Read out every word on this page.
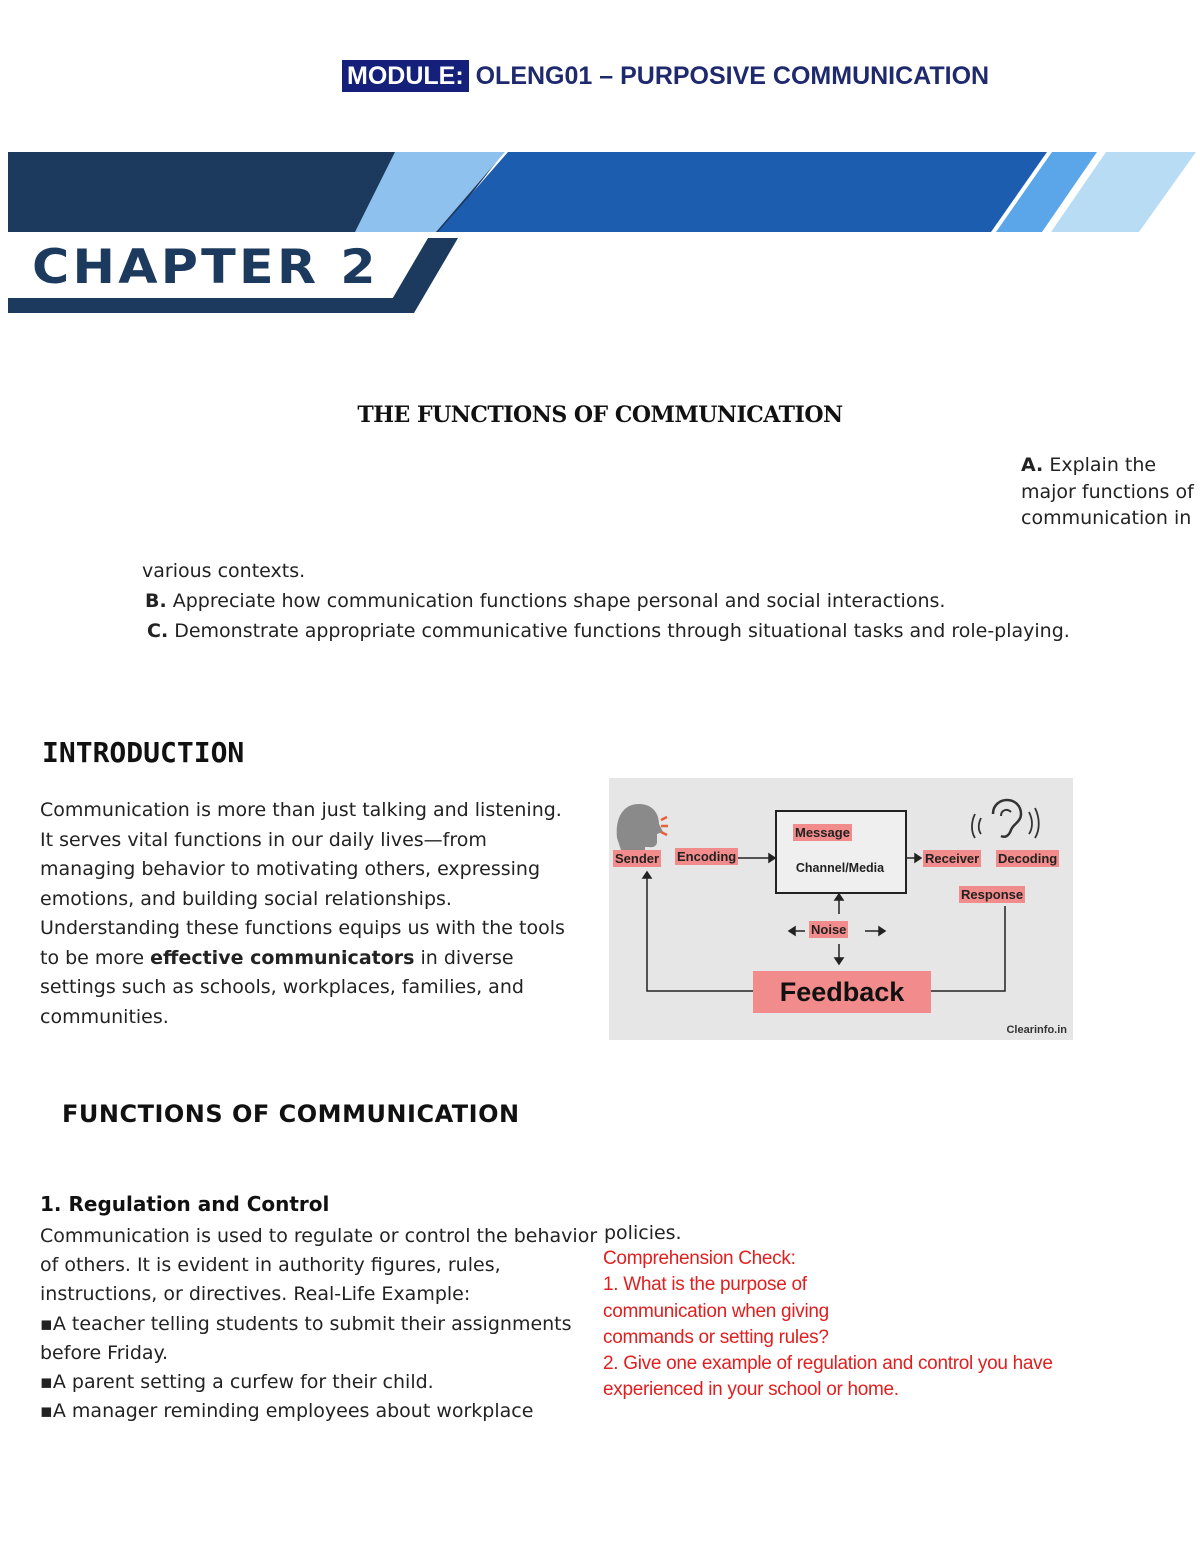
MODULE: OLENG01 – PURPOSIVE COMMUNICATION
CHAPTER 2
THE FUNCTIONS OF COMMUNICATION
A. Explain the major functions of communication in
various contexts.
B. Appreciate how communication functions shape personal and social interactions.
C. Demonstrate appropriate communicative functions through situational tasks and role-playing.
INTRODUCTION
Communication is more than just talking and listening. It serves vital functions in our daily lives—from managing behavior to motivating others, expressing emotions, and building social relationships. Understanding these functions equips us with the tools to be more effective communicators in diverse settings such as schools, workplaces, families, and communities.
Sender Encoding
Message
Channel/Media
Receiver Decoding
Response
Noise
Feedback
Clearinfo.in
FUNCTIONS OF COMMUNICATION
1. Regulation and Control
Communication is used to regulate or control the behavior of others. It is evident in authority figures, rules, instructions, or directives. Real-Life Example:
▪A teacher telling students to submit their assignments before Friday.
▪A parent setting a curfew for their child.
▪A manager reminding employees about workplace
policies.
Comprehension Check:
1. What is the purpose of communication when giving commands or setting rules?
2. Give one example of regulation and control you have experienced in your school or home.
